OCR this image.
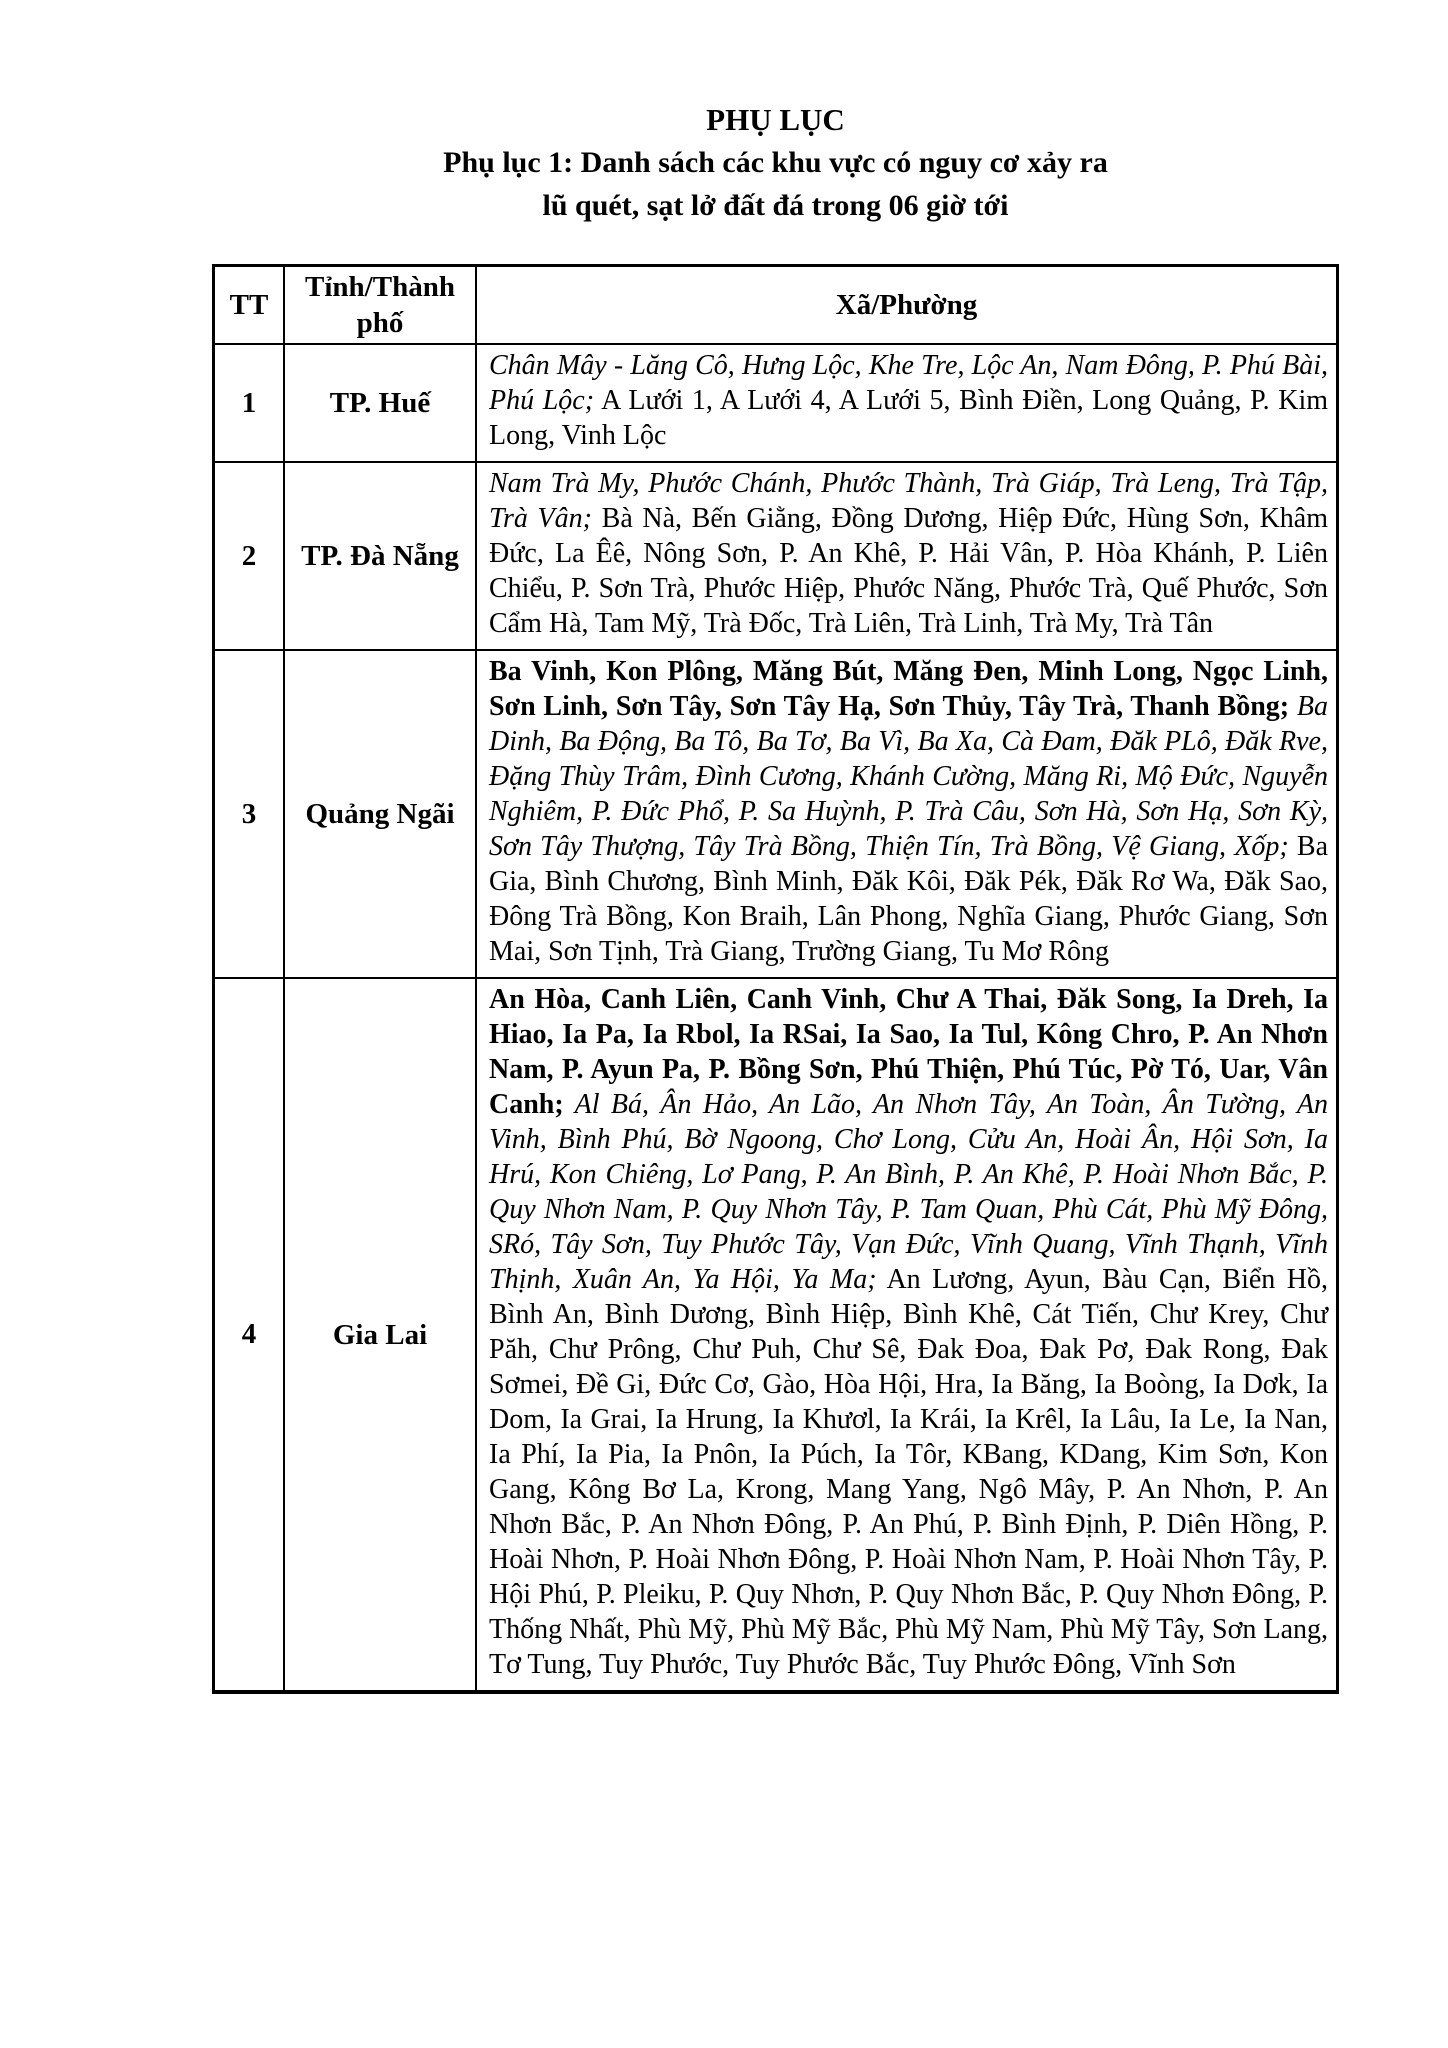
PHỤ LỤC
Phụ lục 1: Danh sách các khu vực có nguy cơ xảy ra
lũ quét, sạt lở đất đá trong 06 giờ tới
TT	Tỉnh/Thành phố	Xã/Phường
1	TP. Huế	Chân Mây - Lăng Cô, Hưng Lộc, Khe Tre, Lộc An, Nam Đông, P. Phú Bài, Phú Lộc; A Lưới 1, A Lưới 4, A Lưới 5, Bình Điền, Long Quảng, P. Kim Long, Vinh Lộc
2	TP. Đà Nẵng	Nam Trà My, Phước Chánh, Phước Thành, Trà Giáp, Trà Leng, Trà Tập, Trà Vân; Bà Nà, Bến Giằng, Đồng Dương, Hiệp Đức, Hùng Sơn, Khâm Đức, La Êê, Nông Sơn, P. An Khê, P. Hải Vân, P. Hòa Khánh, P. Liên Chiểu, P. Sơn Trà, Phước Hiệp, Phước Năng, Phước Trà, Quế Phước, Sơn Cẩm Hà, Tam Mỹ, Trà Đốc, Trà Liên, Trà Linh, Trà My, Trà Tân
3	Quảng Ngãi	Ba Vinh, Kon Plông, Măng Bút, Măng Đen, Minh Long, Ngọc Linh, Sơn Linh, Sơn Tây, Sơn Tây Hạ, Sơn Thủy, Tây Trà, Thanh Bồng; Ba Dinh, Ba Động, Ba Tô, Ba Tơ, Ba Vì, Ba Xa, Cà Đam, Đăk PLô, Đăk Rve, Đặng Thùy Trâm, Đình Cương, Khánh Cường, Măng Ri, Mộ Đức, Nguyễn Nghiêm, P. Đức Phổ, P. Sa Huỳnh, P. Trà Câu, Sơn Hà, Sơn Hạ, Sơn Kỳ, Sơn Tây Thượng, Tây Trà Bồng, Thiện Tín, Trà Bồng, Vệ Giang, Xốp; Ba Gia, Bình Chương, Bình Minh, Đăk Kôi, Đăk Pék, Đăk Rơ Wa, Đăk Sao, Đông Trà Bồng, Kon Braih, Lân Phong, Nghĩa Giang, Phước Giang, Sơn Mai, Sơn Tịnh, Trà Giang, Trường Giang, Tu Mơ Rông
4	Gia Lai	An Hòa, Canh Liên, Canh Vinh, Chư A Thai, Đăk Song, Ia Dreh, Ia Hiao, Ia Pa, Ia Rbol, Ia RSai, Ia Sao, Ia Tul, Kông Chro, P. An Nhơn Nam, P. Ayun Pa, P. Bồng Sơn, Phú Thiện, Phú Túc, Pờ Tó, Uar, Vân Canh; Al Bá, Ân Hảo, An Lão, An Nhơn Tây, An Toàn, Ân Tường, An Vinh, Bình Phú, Bờ Ngoong, Chơ Long, Cửu An, Hoài Ân, Hội Sơn, Ia Hrú, Kon Chiêng, Lơ Pang, P. An Bình, P. An Khê, P. Hoài Nhơn Bắc, P. Quy Nhơn Nam, P. Quy Nhơn Tây, P. Tam Quan, Phù Cát, Phù Mỹ Đông, SRó, Tây Sơn, Tuy Phước Tây, Vạn Đức, Vĩnh Quang, Vĩnh Thạnh, Vĩnh Thịnh, Xuân An, Ya Hội, Ya Ma; An Lương, Ayun, Bàu Cạn, Biển Hồ, Bình An, Bình Dương, Bình Hiệp, Bình Khê, Cát Tiến, Chư Krey, Chư Păh, Chư Prông, Chư Puh, Chư Sê, Đak Đoa, Đak Pơ, Đak Rong, Đak Sơmei, Đề Gi, Đức Cơ, Gào, Hòa Hội, Hra, Ia Băng, Ia Boòng, Ia Dơk, Ia Dom, Ia Grai, Ia Hrung, Ia Khươl, Ia Krái, Ia Krêl, Ia Lâu, Ia Le, Ia Nan, Ia Phí, Ia Pia, Ia Pnôn, Ia Púch, Ia Tôr, KBang, KDang, Kim Sơn, Kon Gang, Kông Bơ La, Krong, Mang Yang, Ngô Mây, P. An Nhơn, P. An Nhơn Bắc, P. An Nhơn Đông, P. An Phú, P. Bình Định, P. Diên Hồng, P. Hoài Nhơn, P. Hoài Nhơn Đông, P. Hoài Nhơn Nam, P. Hoài Nhơn Tây, P. Hội Phú, P. Pleiku, P. Quy Nhơn, P. Quy Nhơn Bắc, P. Quy Nhơn Đông, P. Thống Nhất, Phù Mỹ, Phù Mỹ Bắc, Phù Mỹ Nam, Phù Mỹ Tây, Sơn Lang, Tơ Tung, Tuy Phước, Tuy Phước Bắc, Tuy Phước Đông, Vĩnh Sơn
